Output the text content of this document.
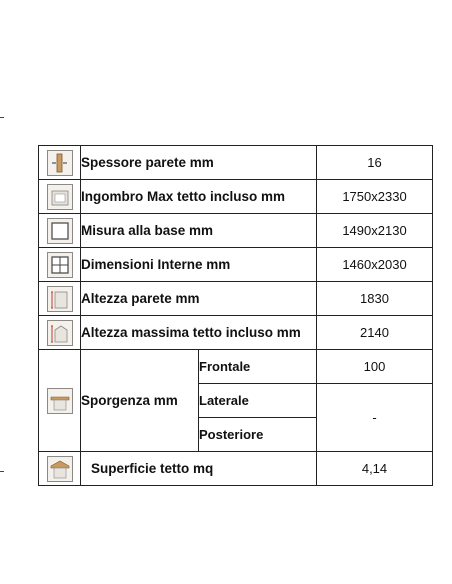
	Spessore parete mm		16

	Ingombro Max tetto incluso mm		1750x2330

	Misura alla base mm		1490x2130

	Dimensioni Interne mm		1460x2030

	Altezza parete mm		1830

	Altezza massima tetto incluso mm		2140

	Sporgenza mm	Frontale	100
		Laterale	-
		Posteriore	

	Superficie tetto mq		4,14
